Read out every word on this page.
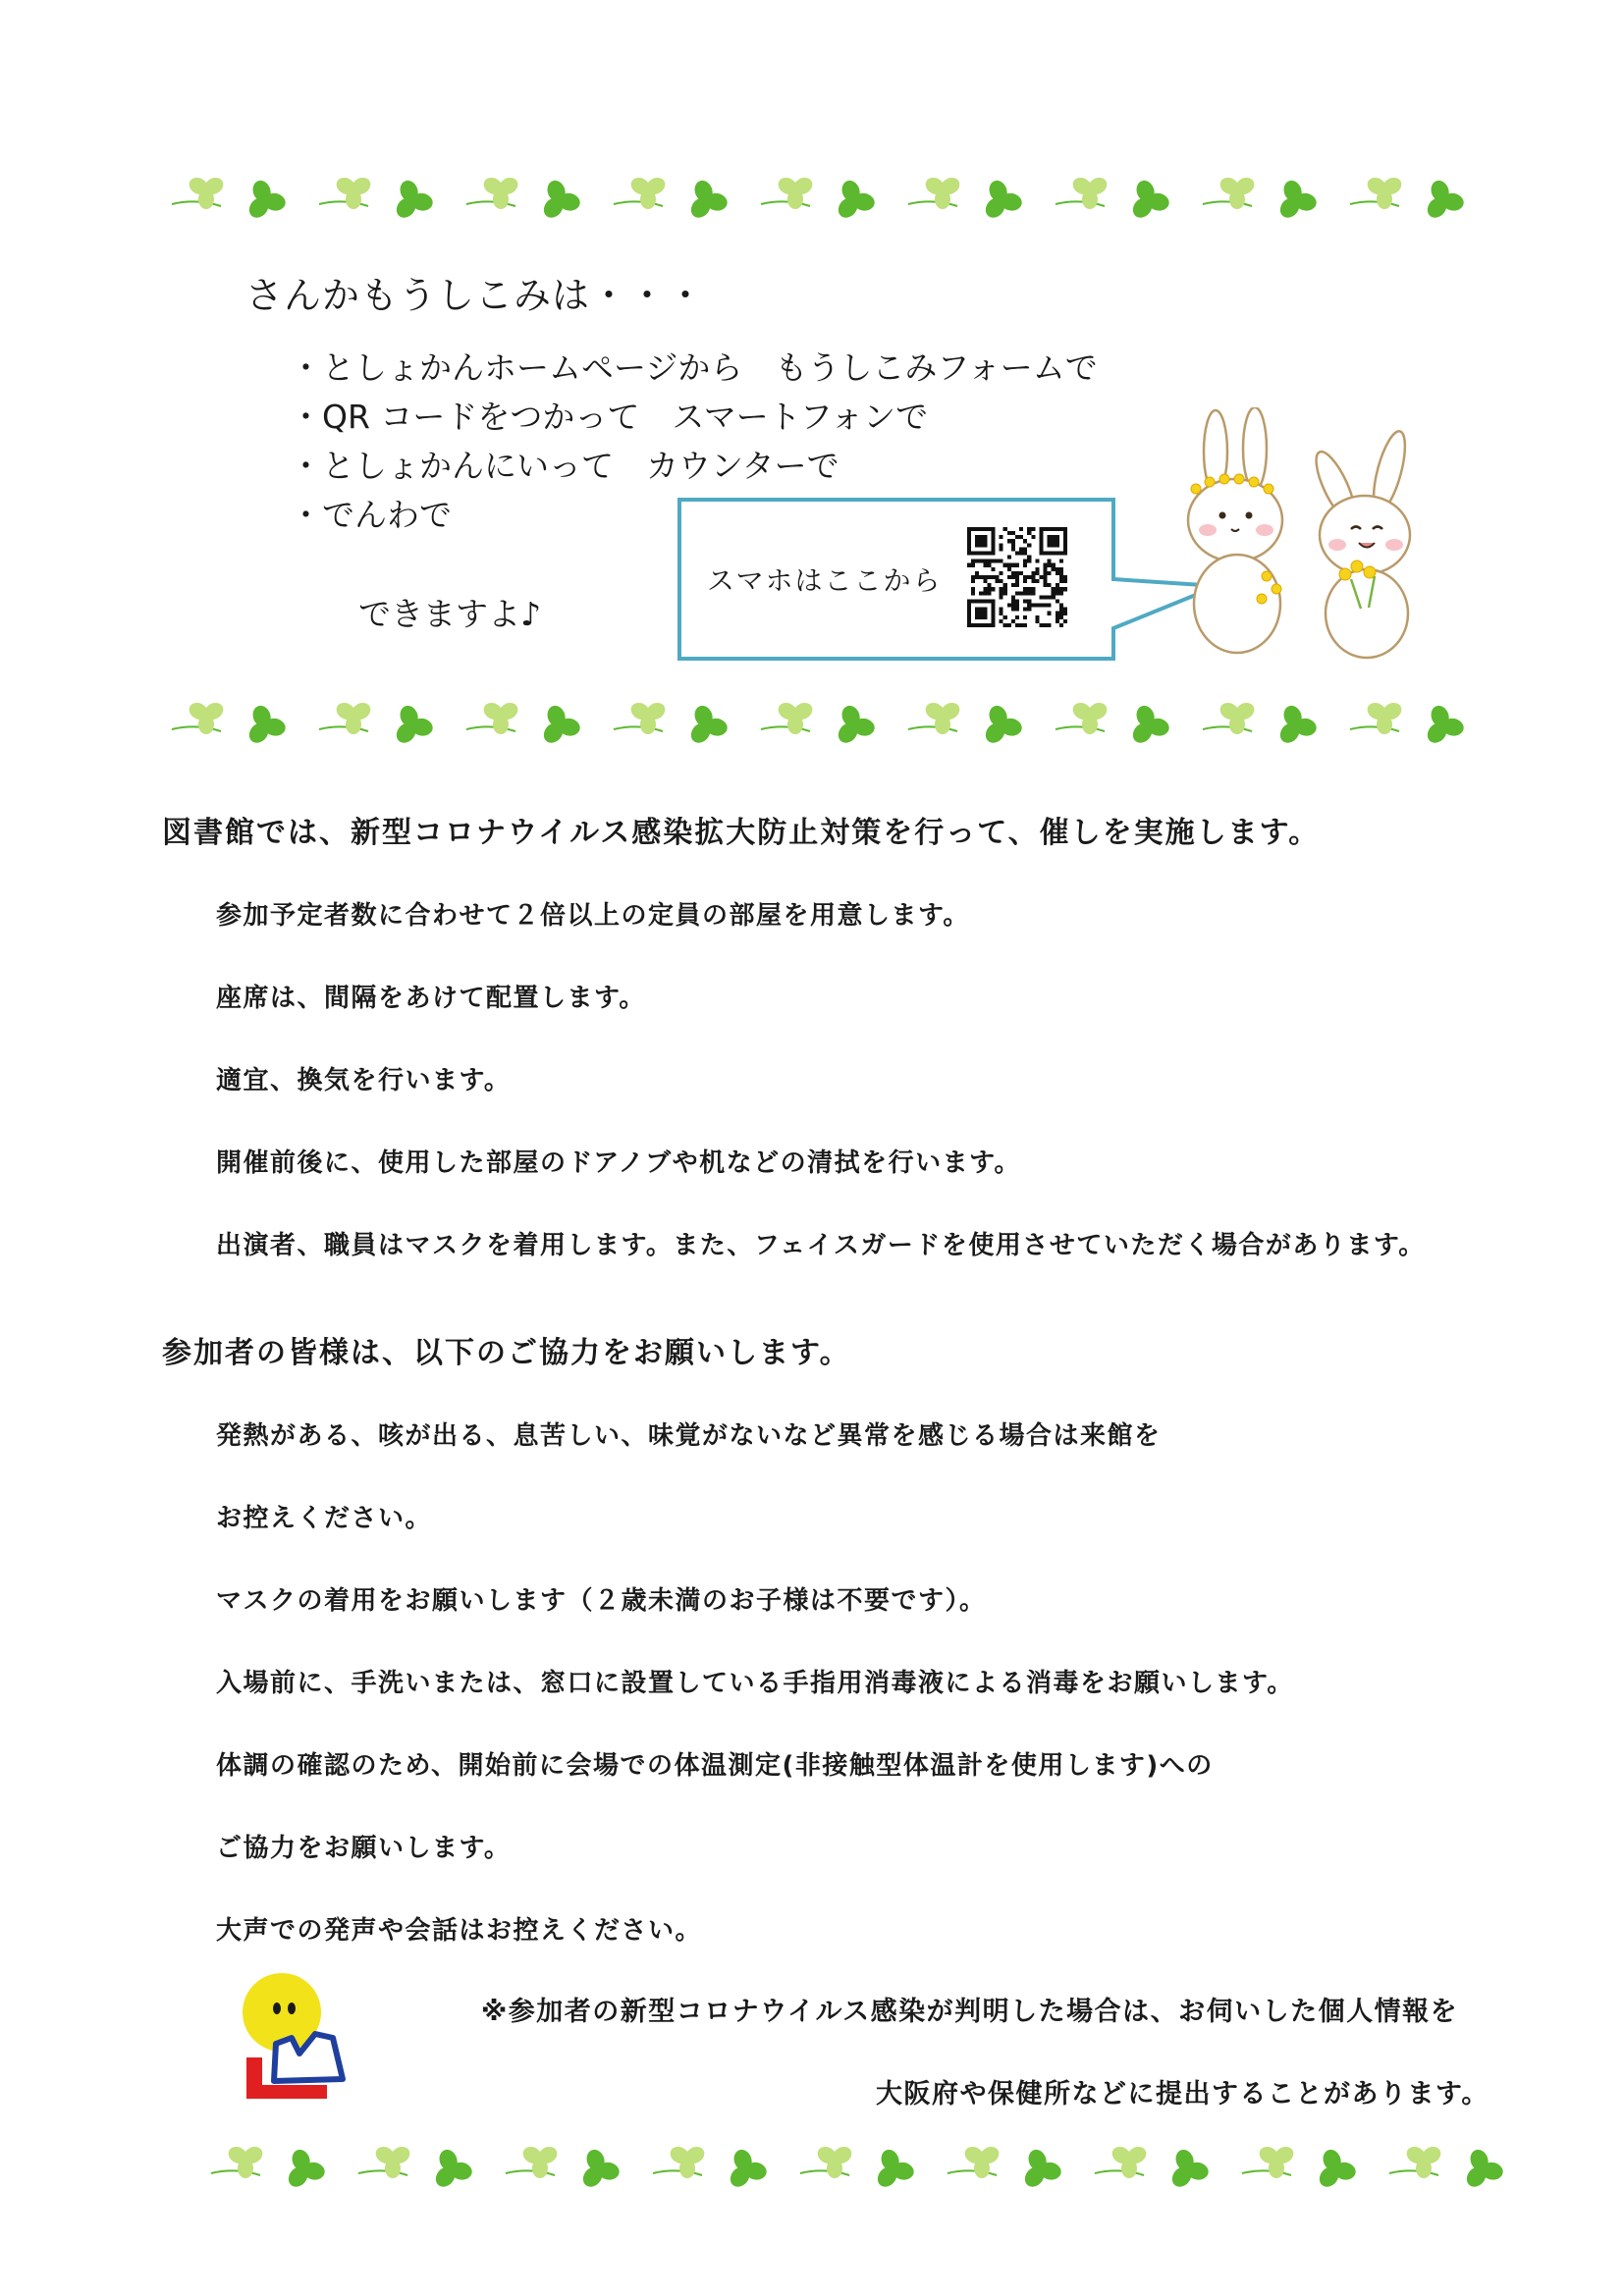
さんかもうしこみは・・・
・としょかんホームページから　もうしこみフォームで
・QR コードをつかって　スマートフォンで
・としょかんにいって　カウンターで
・でんわで
できますよ♪
スマホはここから
図書館では、新型コロナウイルス感染拡大防止対策を行って、催しを実施します。
参加予定者数に合わせて２倍以上の定員の部屋を用意します。
座席は、間隔をあけて配置します。
適宜、換気を行います。
開催前後に、使用した部屋のドアノブや机などの清拭を行います。
出演者、職員はマスクを着用します。また、フェイスガードを使用させていただく場合があります。
参加者の皆様は、以下のご協力をお願いします。
発熱がある、咳が出る、息苦しい、味覚がないなど異常を感じる場合は来館を
お控えください。
マスクの着用をお願いします（２歳未満のお子様は不要です）。
入場前に、手洗いまたは、窓口に設置している手指用消毒液による消毒をお願いします。
体調の確認のため、開始前に会場での体温測定(非接触型体温計を使用します)への
ご協力をお願いします。
大声での発声や会話はお控えください。
※参加者の新型コロナウイルス感染が判明した場合は、お伺いした個人情報を
大阪府や保健所などに提出することがあります。
